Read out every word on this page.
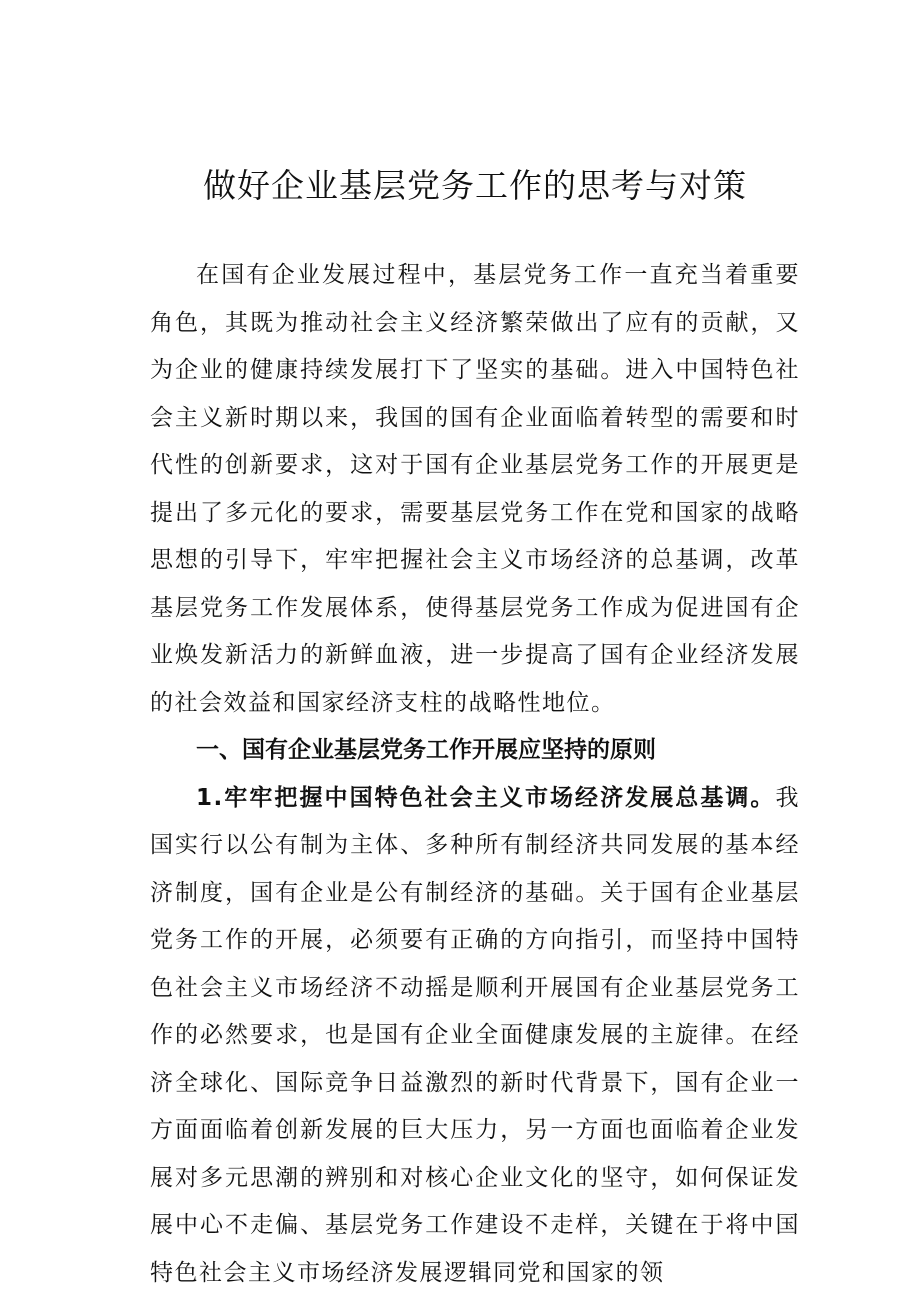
做好企业基层党务工作的思考与对策

在国有企业发展过程中，基层党务工作一直充当着重要角色，其既为推动社会主义经济繁荣做出了应有的贡献，又为企业的健康持续发展打下了坚实的基础。进入中国特色社会主义新时期以来，我国的国有企业面临着转型的需要和时代性的创新要求，这对于国有企业基层党务工作的开展更是提出了多元化的要求，需要基层党务工作在党和国家的战略思想的引导下，牢牢把握社会主义市场经济的总基调，改革基层党务工作发展体系，使得基层党务工作成为促进国有企业焕发新活力的新鲜血液，进一步提高了国有企业经济发展的社会效益和国家经济支柱的战略性地位。

一、国有企业基层党务工作开展应坚持的原则

1.牢牢把握中国特色社会主义市场经济发展总基调。我国实行以公有制为主体、多种所有制经济共同发展的基本经济制度，国有企业是公有制经济的基础。关于国有企业基层党务工作的开展，必须要有正确的方向指引，而坚持中国特色社会主义市场经济不动摇是顺利开展国有企业基层党务工作的必然要求，也是国有企业全面健康发展的主旋律。在经济全球化、国际竞争日益激烈的新时代背景下，国有企业一方面面临着创新发展的巨大压力，另一方面也面临着企业发展对多元思潮的辨别和对核心企业文化的坚守，如何保证发展中心不走偏、基层党务工作建设不走样，关键在于将中国特色社会主义市场经济发展逻辑同党和国家的领
